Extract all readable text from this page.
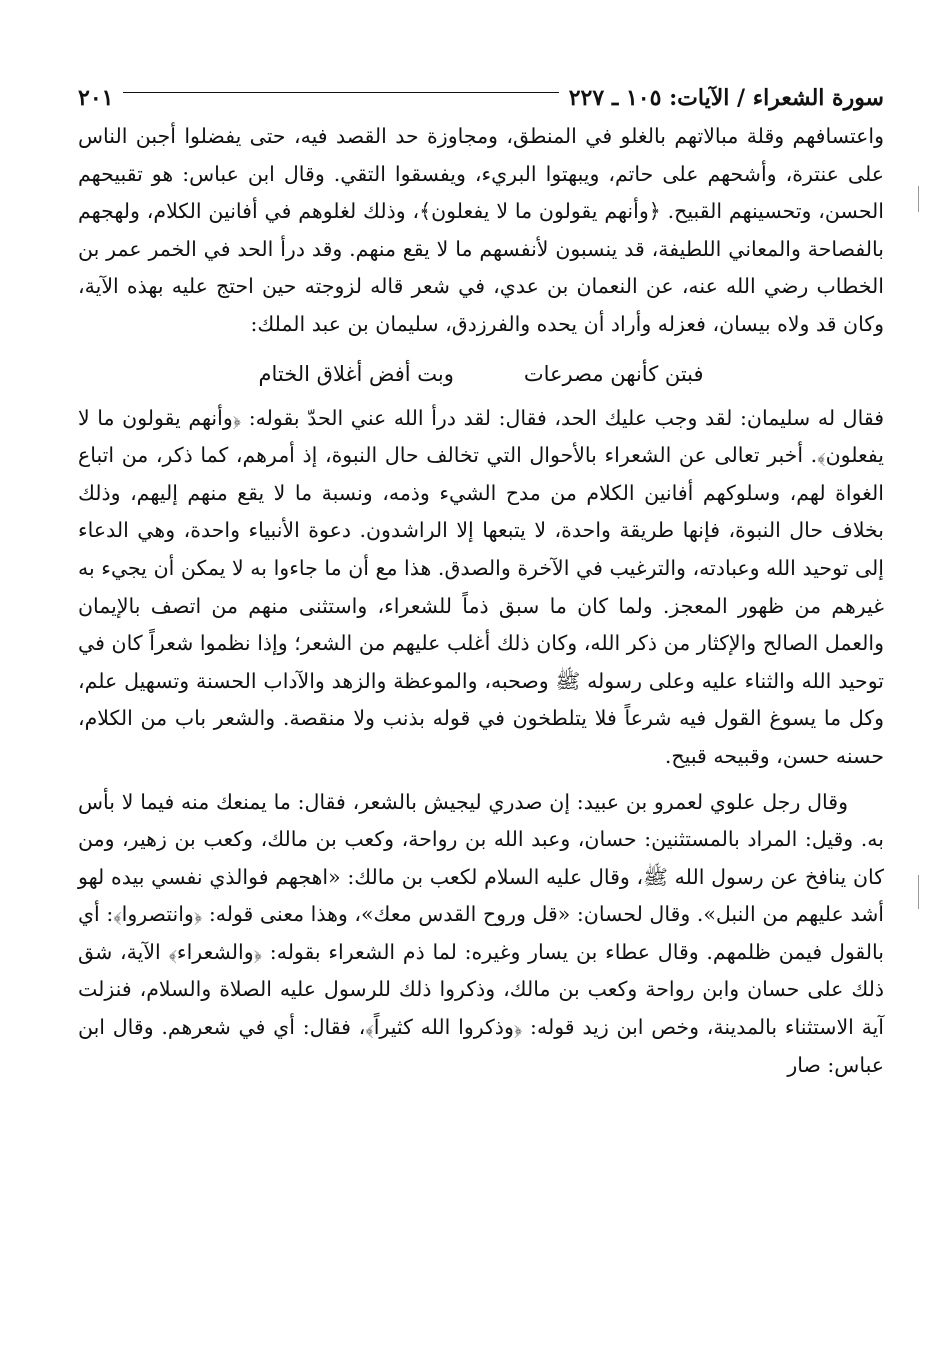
سورة الشعراء / الآيات: ١٠٥ ـ ٢٢٧
٢٠١

واعتسافهم وقلة مبالاتهم بالغلو في المنطق، ومجاوزة حد القصد فيه، حتى يفضلوا أجبن الناس على عنترة، وأشحهم على حاتم، ويبهتوا البريء، ويفسقوا التقي. وقال ابن عباس: هو تقبيحهم الحسن، وتحسينهم القبيح. ﴿وأنهم يقولون ما لا يفعلون﴾، وذلك لغلوهم في أفانين الكلام، ولهجهم بالفصاحة والمعاني اللطيفة، قد ينسبون لأنفسهم ما لا يقع منهم. وقد درأ الحد في الخمر عمر بن الخطاب رضي الله عنه، عن النعمان بن عدي، في شعر قاله لزوجته حين احتج عليه بهذه الآية، وكان قد ولاه بيسان، فعزله وأراد أن يحده والفرزدق، سليمان بن عبد الملك:

فبتن كأنهن مصرعات
وبت أفض أغلاق الختام

فقال له سليمان: لقد وجب عليك الحد، فقال: لقد درأ الله عني الحدّ بقوله: ﴿وأنهم يقولون ما لا يفعلون﴾. أخبر تعالى عن الشعراء بالأحوال التي تخالف حال النبوة، إذ أمرهم، كما ذكر، من اتباع الغواة لهم، وسلوكهم أفانين الكلام من مدح الشيء وذمه، ونسبة ما لا يقع منهم إليهم، وذلك بخلاف حال النبوة، فإنها طريقة واحدة، لا يتبعها إلا الراشدون. دعوة الأنبياء واحدة، وهي الدعاء إلى توحيد الله وعبادته، والترغيب في الآخرة والصدق. هذا مع أن ما جاءوا به لا يمكن أن يجيء به غيرهم من ظهور المعجز. ولما كان ما سبق ذماً للشعراء، واستثنى منهم من اتصف بالإيمان والعمل الصالح والإكثار من ذكر الله، وكان ذلك أغلب عليهم من الشعر؛ وإذا نظموا شعراً كان في توحيد الله والثناء عليه وعلى رسوله ﷺ وصحبه، والموعظة والزهد والآداب الحسنة وتسهيل علم، وكل ما يسوغ القول فيه شرعاً فلا يتلطخون في قوله بذنب ولا منقصة. والشعر باب من الكلام، حسنه حسن، وقبيحه قبيح.

وقال رجل علوي لعمرو بن عبيد: إن صدري ليجيش بالشعر، فقال: ما يمنعك منه فيما لا بأس به. وقيل: المراد بالمستثنين: حسان، وعبد الله بن رواحة، وكعب بن مالك، وكعب بن زهير، ومن كان ينافخ عن رسول الله ﷺ، وقال عليه السلام لكعب بن مالك: «اهجهم فوالذي نفسي بيده لهو أشد عليهم من النبل». وقال لحسان: «قل وروح القدس معك»، وهذا معنى قوله: ﴿وانتصروا﴾: أي بالقول فيمن ظلمهم. وقال عطاء بن يسار وغيره: لما ذم الشعراء بقوله: ﴿والشعراء﴾ الآية، شق ذلك على حسان وابن رواحة وكعب بن مالك، وذكروا ذلك للرسول عليه الصلاة والسلام، فنزلت آية الاستثناء بالمدينة، وخص ابن زيد قوله: ﴿وذكروا الله كثيراً﴾، فقال: أي في شعرهم. وقال ابن عباس: صار
